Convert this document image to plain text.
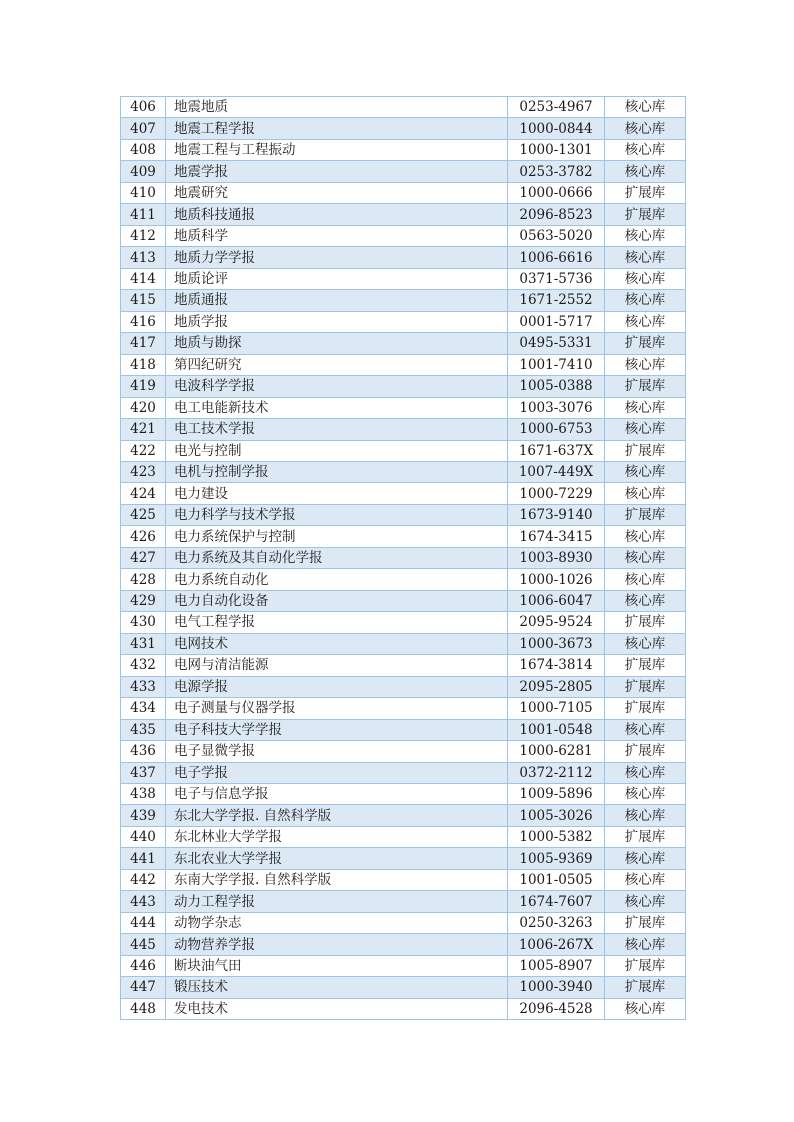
406	地震地质	0253-4967	核心库
407	地震工程学报	1000-0844	核心库
408	地震工程与工程振动	1000-1301	核心库
409	地震学报	0253-3782	核心库
410	地震研究	1000-0666	扩展库
411	地质科技通报	2096-8523	扩展库
412	地质科学	0563-5020	核心库
413	地质力学学报	1006-6616	核心库
414	地质论评	0371-5736	核心库
415	地质通报	1671-2552	核心库
416	地质学报	0001-5717	核心库
417	地质与勘探	0495-5331	扩展库
418	第四纪研究	1001-7410	核心库
419	电波科学学报	1005-0388	扩展库
420	电工电能新技术	1003-3076	核心库
421	电工技术学报	1000-6753	核心库
422	电光与控制	1671-637X	扩展库
423	电机与控制学报	1007-449X	核心库
424	电力建设	1000-7229	核心库
425	电力科学与技术学报	1673-9140	扩展库
426	电力系统保护与控制	1674-3415	核心库
427	电力系统及其自动化学报	1003-8930	核心库
428	电力系统自动化	1000-1026	核心库
429	电力自动化设备	1006-6047	核心库
430	电气工程学报	2095-9524	扩展库
431	电网技术	1000-3673	核心库
432	电网与清洁能源	1674-3814	扩展库
433	电源学报	2095-2805	扩展库
434	电子测量与仪器学报	1000-7105	扩展库
435	电子科技大学学报	1001-0548	核心库
436	电子显微学报	1000-6281	扩展库
437	电子学报	0372-2112	核心库
438	电子与信息学报	1009-5896	核心库
439	东北大学学报. 自然科学版	1005-3026	核心库
440	东北林业大学学报	1000-5382	扩展库
441	东北农业大学学报	1005-9369	核心库
442	东南大学学报. 自然科学版	1001-0505	核心库
443	动力工程学报	1674-7607	核心库
444	动物学杂志	0250-3263	扩展库
445	动物营养学报	1006-267X	核心库
446	断块油气田	1005-8907	扩展库
447	锻压技术	1000-3940	扩展库
448	发电技术	2096-4528	核心库
